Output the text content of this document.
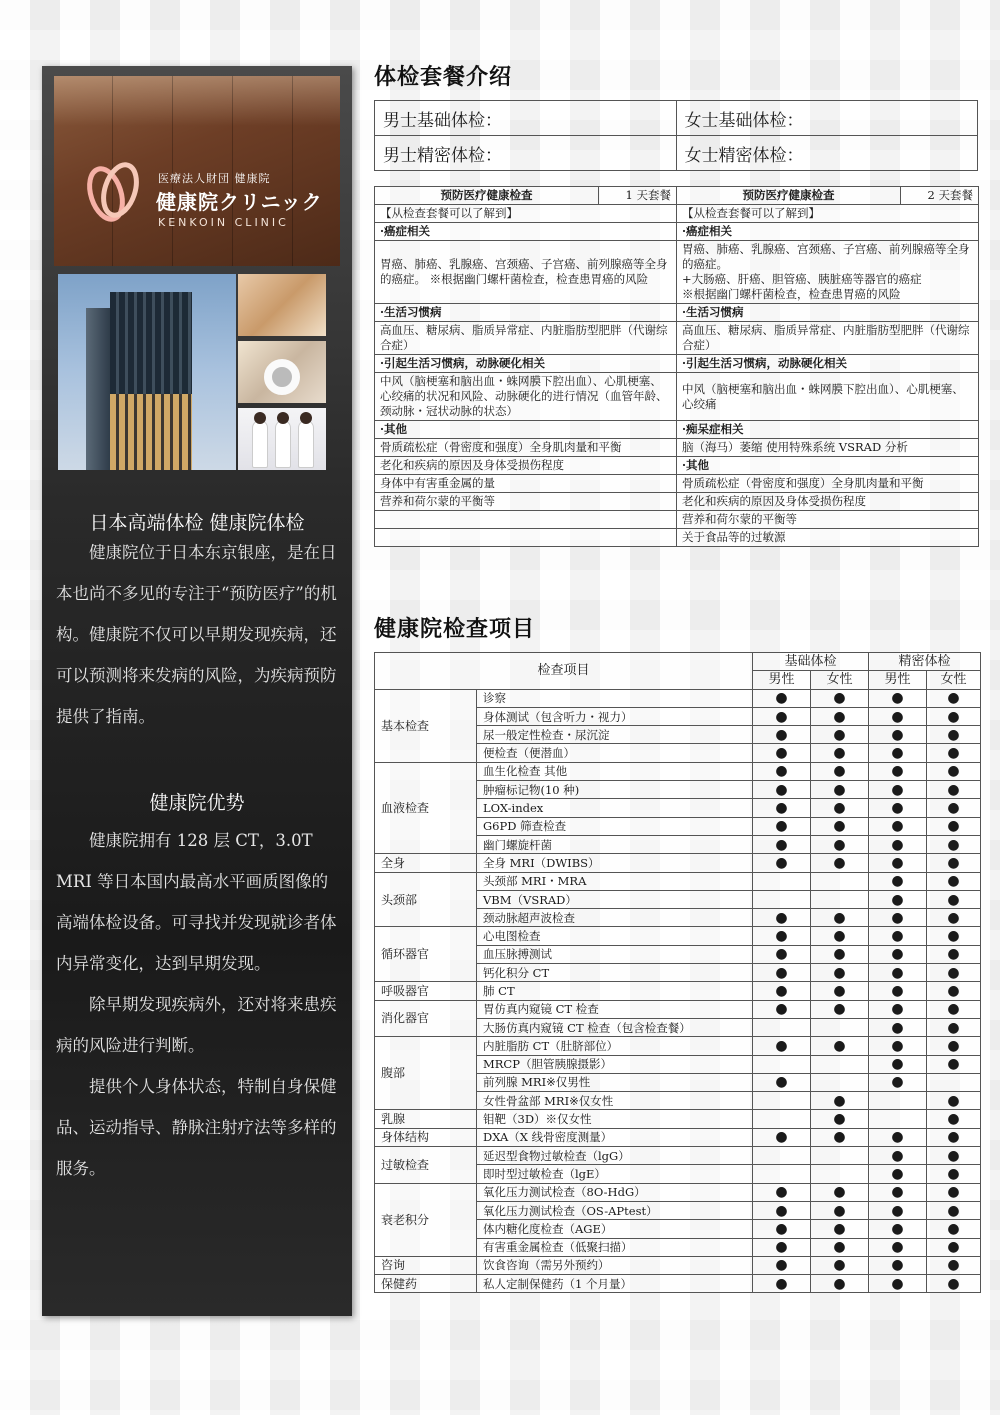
医療法人財団 健康院
健康院クリニック
KENKOIN CLINIC
日本高端体检 健康院体检
健康院位于日本东京银座，是在日本也尚不多见的专注于“预防医疗”的机构。健康院不仅可以早期发现疾病，还可以预测将来发病的风险，为疾病预防提供了指南。
健康院优势
健康院拥有 128 层 CT，3.0T MRI 等日本国内最高水平画质图像的高端体检设备。可寻找并发现就诊者体内异常变化，达到早期发现。
除早期发现疾病外，还对将来患疾病的风险进行判断。
提供个人身体状态，特制自身保健品、运动指导、静脉注射疗法等多样的服务。
体检套餐介绍
男士基础体检：	女士基础体检：
男士精密体检：	女士精密体检：
预防医疗健康检查	1 天套餐	预防医疗健康检查	2 天套餐
【从检查套餐可以了解到】		【从检查套餐可以了解到】	
·癌症相关		·癌症相关	
胃癌、肺癌、乳腺癌、宫颈癌、子宫癌、前列腺癌等全身的癌症。 ※根据幽门螺杆菌检查，检查患胃癌的风险		胃癌、肺癌、乳腺癌、宫颈癌、子宫癌、前列腺癌等全身的癌症。
+大肠癌、肝癌、胆管癌、胰脏癌等器官的癌症
※根据幽门螺杆菌检查，检查患胃癌的风险	
·生活习惯病		·生活习惯病	
高血压、糖尿病、脂质异常症、内脏脂肪型肥胖（代谢综合症）		高血压、糖尿病、脂质异常症、内脏脂肪型肥胖（代谢综合症）	
·引起生活习惯病，动脉硬化相关		·引起生活习惯病，动脉硬化相关	
中风（脑梗塞和脑出血・蛛网膜下腔出血）、心肌梗塞、心绞痛的状况和风险、动脉硬化的进行情况（血管年龄、颈动脉・冠状动脉的状态）		中风（脑梗塞和脑出血・蛛网膜下腔出血）、心肌梗塞、心绞痛	
·其他		·痴呆症相关	
骨质疏松症（骨密度和强度）全身肌肉量和平衡		脑（海马）萎缩 使用特殊系统 VSRAD 分析	
老化和疾病的原因及身体受损伤程度		·其他	
身体中有害重金属的量		骨质疏松症（骨密度和强度）全身肌肉量和平衡	
营养和荷尔蒙的平衡等		老化和疾病的原因及身体受损伤程度	
		营养和荷尔蒙的平衡等	
		关于食品等的过敏源	
健康院检查项目
检查项目		基础体检		精密体检	
		男性	女性	男性	女性
基本检查	诊察	●	●	●	●
	身体测试（包含听力・视力）	●	●	●	●
	尿一般定性检查・尿沉淀	●	●	●	●
	便检查（便潜血）	●	●	●	●
血液检查	血生化检查 其他	●	●	●	●
	肿瘤标记物(10 种)	●	●	●	●
	LOX-index	●	●	●	●
	G6PD 筛查检查	●	●	●	●
	幽门螺旋杆菌	●	●	●	●
全身	全身 MRI（DWIBS）	●	●	●	●
头颈部	头颈部 MRI・MRA			●	●
	VBM（VSRAD）			●	●
	颈动脉超声波检查	●	●	●	●
循环器官	心电图检查	●	●	●	●
	血压脉搏测试	●	●	●	●
	钙化积分 CT	●	●	●	●
呼吸器官	肺 CT	●	●	●	●
消化器官	胃仿真内窥镜 CT 检查	●	●	●	●
	大肠仿真内窥镜 CT 检查（包含检查餐）			●	●
腹部	内脏脂肪 CT（肚脐部位）	●	●	●	●
	MRCP（胆管胰腺摄影）			●	●
	前列腺 MRI※仅男性	●		●	
	女性骨盆部 MRI※仅女性		●		●
乳腺	钼靶（3D）※仅女性		●		●
身体结构	DXA（X 线骨密度测量）	●	●	●	●
过敏检查	延迟型食物过敏检查（lgG）			●	●
	即时型过敏检查（lgE）			●	●
衰老积分	氧化压力测试检查（8O-HdG）	●	●	●	●
	氧化压力测试检查（OS-APtest）	●	●	●	●
	体内糖化度检查（AGE）	●	●	●	●
	有害重金属检查（低聚扫描）	●	●	●	●
咨询	饮食咨询（需另外预约）	●	●	●	●
保健药	私人定制保健药（1 个月量）	●	●	●	●
